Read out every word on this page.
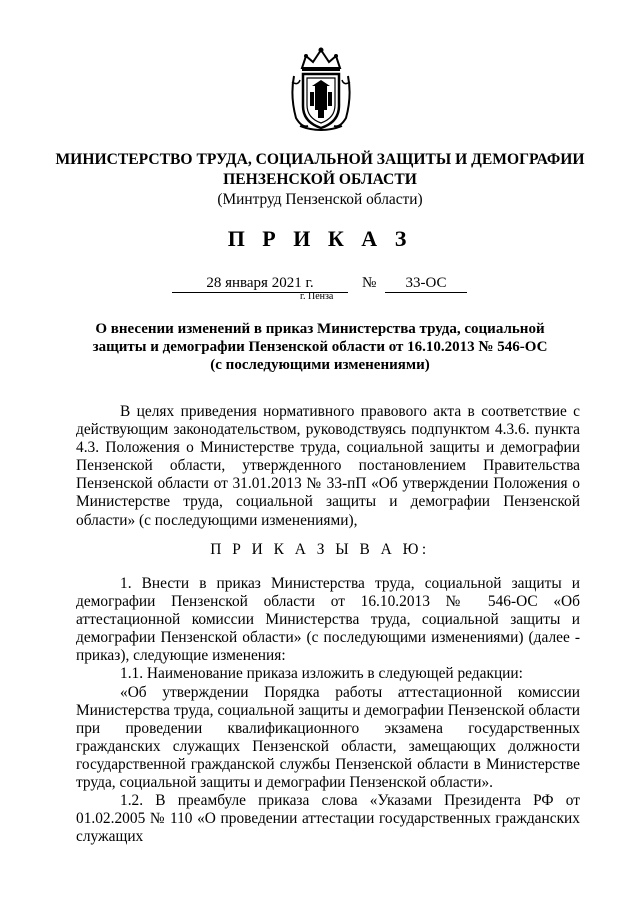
МИНИСТЕРСТВО ТРУДА, СОЦИАЛЬНОЙ ЗАЩИТЫ И ДЕМОГРАФИИ
ПЕНЗЕНСКОЙ ОБЛАСТИ
(Минтруд Пензенской области)
П Р И К А З
28 января 2021 г.	№	33-ОС
г. Пенза
О внесении изменений в приказ Министерства труда, социальной
защиты и демографии Пензенской области от 16.10.2013 № 546-ОС
(с последующими изменениями)
В целях приведения нормативного правового акта в соответствие с действующим законодательством, руководствуясь подпунктом 4.3.6. пункта 4.3. Положения о Министерстве труда, социальной защиты и демографии Пензенской области, утвержденного постановлением Правительства Пензенской области от 31.01.2013 № 33-пП «Об утверждении Положения о Министерстве труда, социальной защиты и демографии Пензенской области» (с последующими изменениями),
П Р И К А З Ы В А Ю:

1. Внести в приказ Министерства труда, социальной защиты и демографии Пензенской области от 16.10.2013 № 546-ОС «Об аттестационной комиссии Министерства труда, социальной защиты и демографии Пензенской области» (с последующими изменениями) (далее - приказ), следующие изменения:

1.1. Наименование приказа изложить в следующей редакции:

«Об утверждении Порядка работы аттестационной комиссии Министерства труда, социальной защиты и демографии Пензенской области при проведении квалификационного экзамена государственных гражданских служащих Пензенской области, замещающих должности государственной гражданской службы Пензенской области в Министерстве труда, социальной защиты и демографии Пензенской области».

1.2. В преамбуле приказа слова «Указами Президента РФ от 01.02.2005 № 110 «О проведении аттестации государственных гражданских служащих
